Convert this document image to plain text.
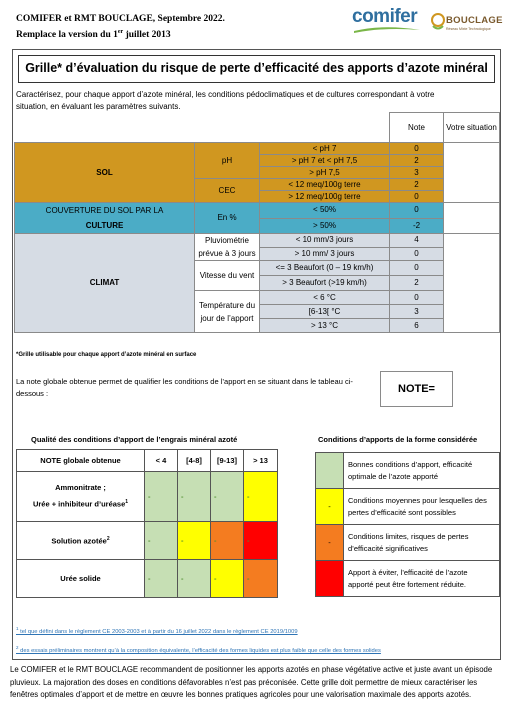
COMIFER et RMT BOUCLAGE, Septembre 2022.
Remplace la version du 1er juillet 2013
comifer	BOUCLAGE
Réseau Mixte Technologique
Grille* d’évaluation du risque de perte d’efficacité des apports d’azote minéral
Caractérisez, pour chaque apport d’azote minéral, les conditions pédoclimatiques et de cultures correspondant à votre situation, en évaluant les paramètres suivants.
			Note	Votre situation
SOL	pH	< pH 7	0	
		> pH 7 et < pH 7,5	2	
		> pH 7,5	3	
	CEC	< 12 meq/100g terre	2	
		> 12 meq/100g terre	0	
COUVERTURE DU SOL PAR LA
CULTURE	En %	< 50%	0	
		> 50%	-2	
CLIMAT	Pluviométrie
prévue à 3 jours	< 10 mm/3 jours	4	
		> 10 mm/ 3 jours	0	
	Vitesse du vent	<= 3 Beaufort (0 – 19 km/h)	0	
		> 3 Beaufort (>19 km/h)	2	
	Température du
jour de l’apport	< 6 °C	0	
		[6-13[ °C	3	
		> 13 °C	6	
*Grille utilisable pour chaque apport d’azote minéral en surface
La note globale obtenue permet de qualifier les conditions de l’apport en se situant dans le tableau ci-dessous :	NOTE=
Qualité des conditions d’apport de l’engrais minéral azoté	Conditions d’apports de la forme considérée
NOTE globale obtenue	< 4	[4-8]	[9-13]	> 13
Ammonitrate ;
Urée + inhibiteur d’uréase$^1$	-	-	-	-
Solution azotée$^2$	-	-	-	-
Urée solide	-	-	-	-
	Bonnes conditions d’apport, efficacité optimale de l’azote apporté
-	Conditions moyennes pour lesquelles des pertes d’efficacité sont possibles
-	Conditions limites, risques de pertes d’efficacité significatives
	Apport à éviter, l’efficacité de l’azote apporté peut être fortement réduite.
$^1$ tel que défini dans le règlement CE 2003-2003 et à partir du 16 juillet 2022 dans le règlement CE 2019/1009
$^2$ des essais préliminaires montrent qu’à la composition équivalente, l’efficacité des formes liquides est plus faible que celle des formes solides
Le COMIFER et le RMT BOUCLAGE recommandent de positionner les apports azotés en phase végétative active et juste avant un épisode pluvieux. La majoration des doses en conditions défavorables n’est pas préconisée. Cette grille doit permettre de mieux caractériser les fenêtres optimales d’apport et de mettre en œuvre les bonnes pratiques agricoles pour une valorisation maximale des apports azotés.
